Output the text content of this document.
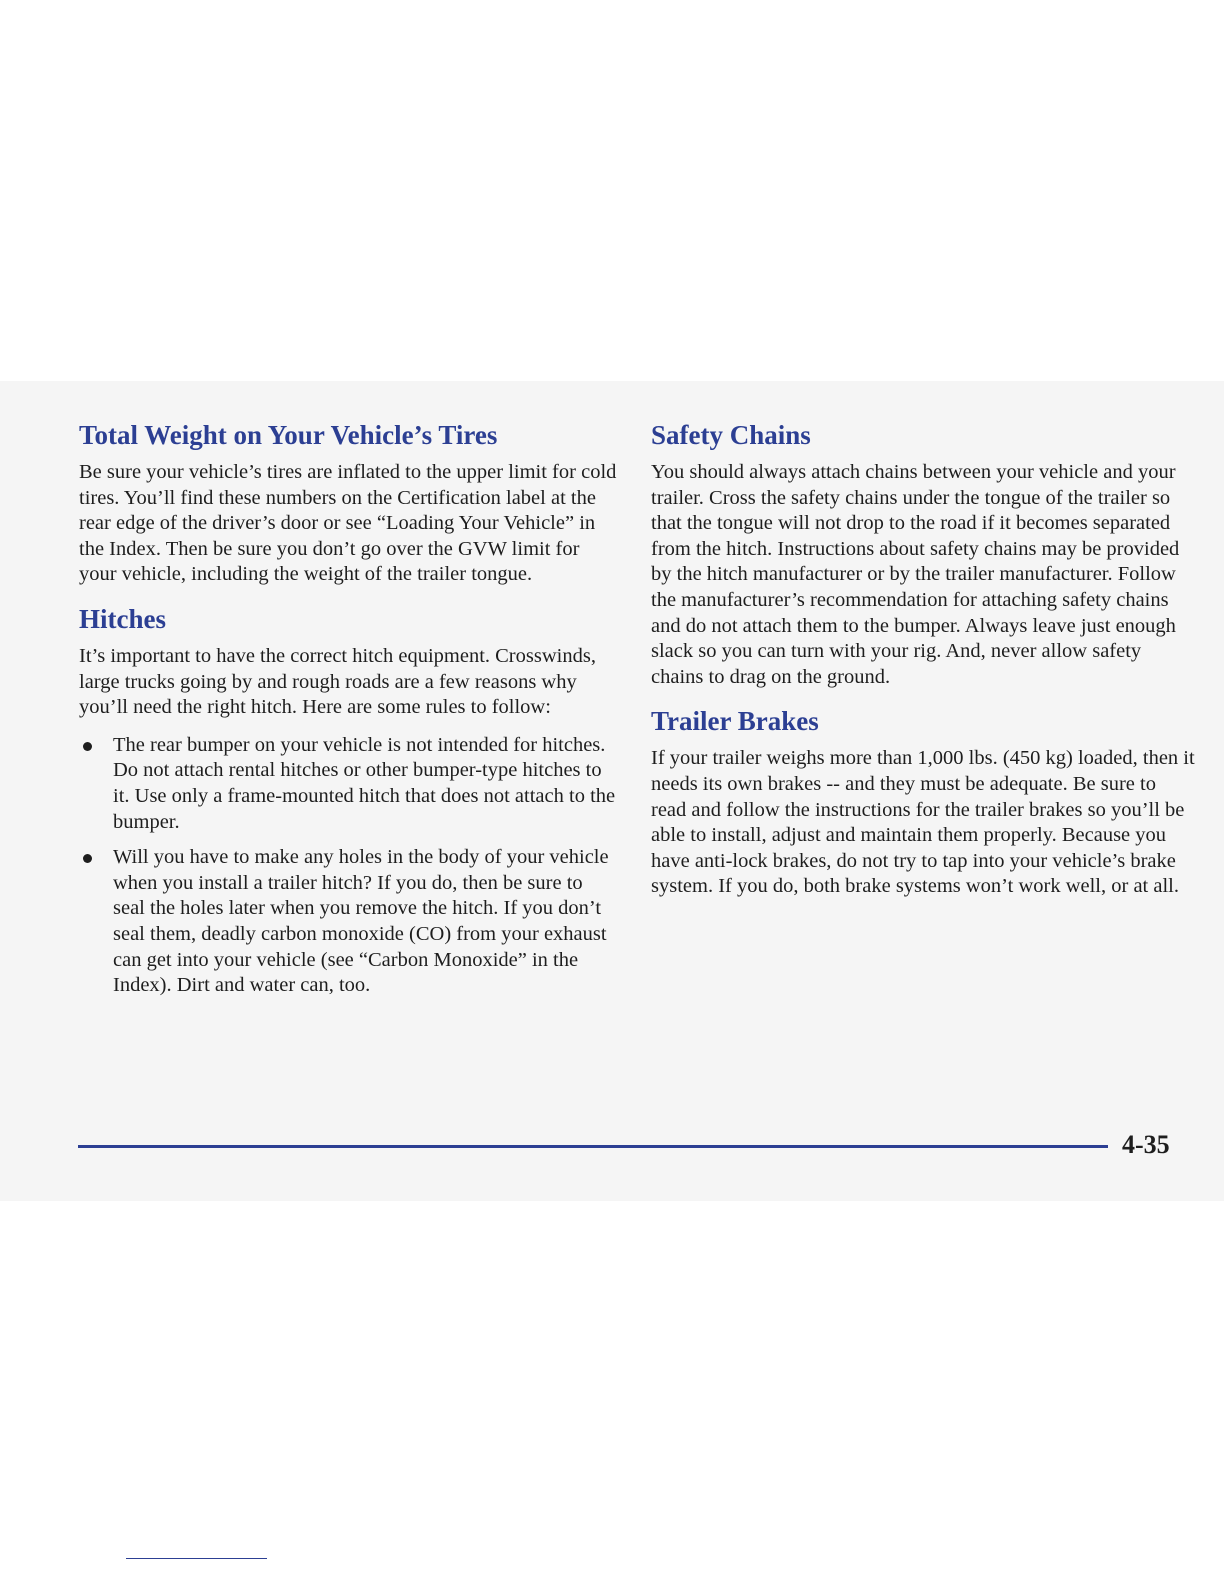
Total Weight on Your Vehicle’s Tires

Be sure your vehicle’s tires are inflated to the upper limit for cold tires. You’ll find these numbers on the Certification label at the rear edge of the driver’s door or see “Loading Your Vehicle” in the Index. Then be sure you don’t go over the GVW limit for your vehicle, including the weight of the trailer tongue.

Hitches

It’s important to have the correct hitch equipment. Crosswinds, large trucks going by and rough roads are a few reasons why you’ll need the right hitch. Here are some rules to follow:

The rear bumper on your vehicle is not intended for hitches. Do not attach rental hitches or other bumper-type hitches to it. Use only a frame-mounted hitch that does not attach to the bumper.
Will you have to make any holes in the body of your vehicle when you install a trailer hitch? If you do, then be sure to seal the holes later when you remove the hitch. If you don’t seal them, deadly carbon monoxide (CO) from your exhaust can get into your vehicle (see “Carbon Monoxide” in the Index). Dirt and water can, too.
Safety Chains

You should always attach chains between your vehicle and your trailer. Cross the safety chains under the tongue of the trailer so that the tongue will not drop to the road if it becomes separated from the hitch. Instructions about safety chains may be provided by the hitch manufacturer or by the trailer manufacturer. Follow the manufacturer’s recommendation for attaching safety chains and do not attach them to the bumper. Always leave just enough slack so you can turn with your rig. And, never allow safety chains to drag on the ground.

Trailer Brakes

If your trailer weighs more than 1,000 lbs. (450 kg) loaded, then it needs its own brakes -- and they must be adequate. Be sure to read and follow the instructions for the trailer brakes so you’ll be able to install, adjust and maintain them properly. Because you have anti-lock brakes, do not try to tap into your vehicle’s brake system. If you do, both brake systems won’t work well, or at all.

4-35
